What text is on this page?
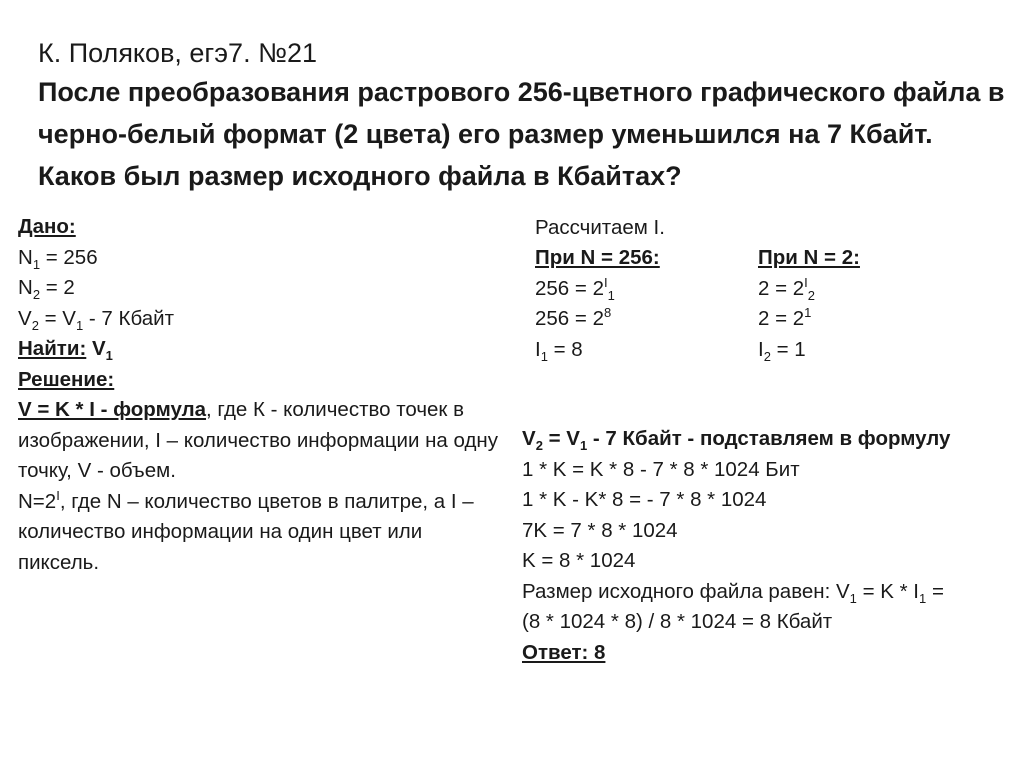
К. Поляков, егэ7. №21
После преобразования растрового 256-цветного графического файла в черно-белый формат (2 цвета) его размер уменьшился на 7 Кбайт. Каков был размер исходного файла в Кбайтах?
Дано:
$N_1 = 256$
$N_2 = 2$
$V_2 = V_1 - 7$ Кбайт
Найти: $V_1$
Решение:
V = K * I - формула, где К - количество точек в изображении, I – количество информации на одну точку, V - объем.
$N=2^I$, где N – количество цветов в палитре, а I – количество информации на один цвет или пиксель.
Рассчитаем I.
При N = 256:
$256 = 2^I_1$
$256 = 2^8$
$I_1 = 8$
При N = 2:
$2 = 2^I_2$
$2 = 2^1$
$I_2 = 1$
$V_2 = V_1 - 7$ Кбайт - подставляем в формулу
1 * K = K * 8 - 7 * 8 * 1024 Бит
1 * K - K* 8 = - 7 * 8 * 1024
7K = 7 * 8 * 1024
K = 8 * 1024
Размер исходного файла равен: $V_1 = K * I_1$ =
(8 * 1024 * 8) / 8 * 1024 = 8 Кбайт
Ответ: 8
